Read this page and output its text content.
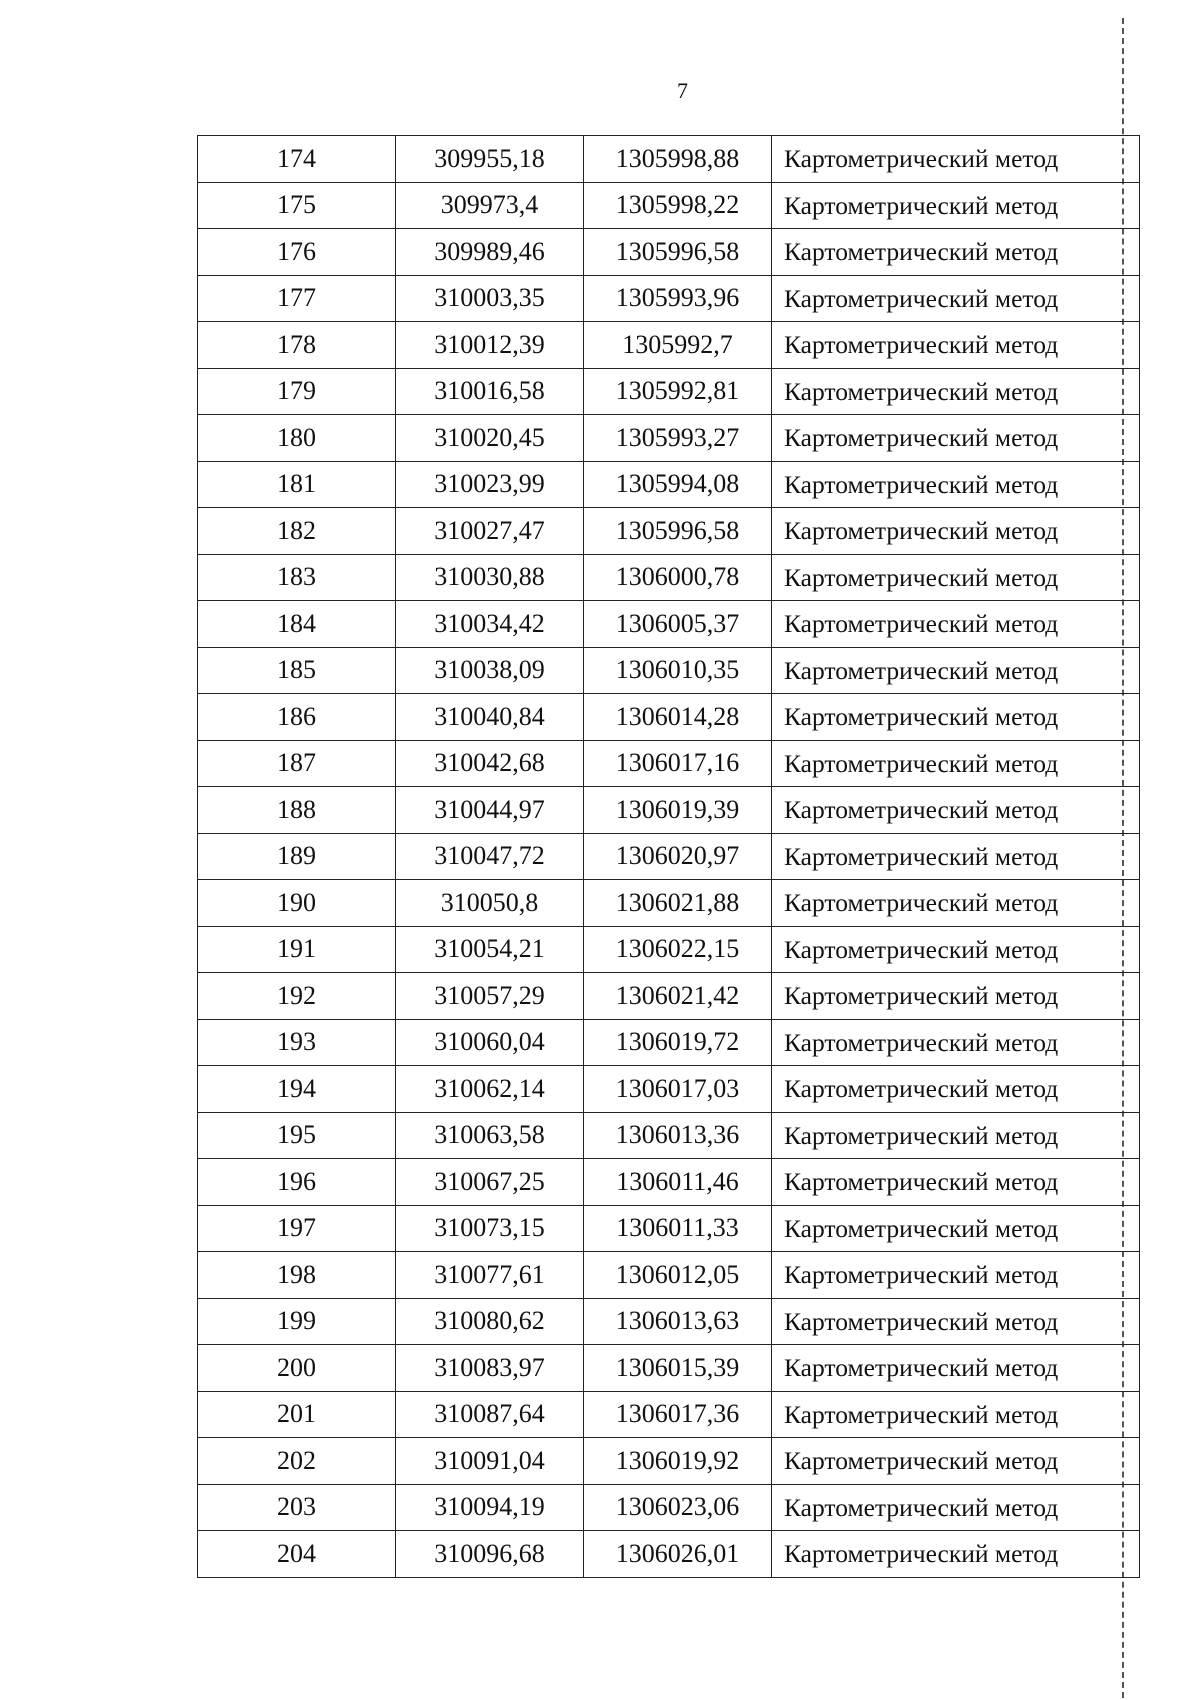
7
174	309955,18	1305998,88	Картометрический метод
175	309973,4	1305998,22	Картометрический метод
176	309989,46	1305996,58	Картометрический метод
177	310003,35	1305993,96	Картометрический метод
178	310012,39	1305992,7	Картометрический метод
179	310016,58	1305992,81	Картометрический метод
180	310020,45	1305993,27	Картометрический метод
181	310023,99	1305994,08	Картометрический метод
182	310027,47	1305996,58	Картометрический метод
183	310030,88	1306000,78	Картометрический метод
184	310034,42	1306005,37	Картометрический метод
185	310038,09	1306010,35	Картометрический метод
186	310040,84	1306014,28	Картометрический метод
187	310042,68	1306017,16	Картометрический метод
188	310044,97	1306019,39	Картометрический метод
189	310047,72	1306020,97	Картометрический метод
190	310050,8	1306021,88	Картометрический метод
191	310054,21	1306022,15	Картометрический метод
192	310057,29	1306021,42	Картометрический метод
193	310060,04	1306019,72	Картометрический метод
194	310062,14	1306017,03	Картометрический метод
195	310063,58	1306013,36	Картометрический метод
196	310067,25	1306011,46	Картометрический метод
197	310073,15	1306011,33	Картометрический метод
198	310077,61	1306012,05	Картометрический метод
199	310080,62	1306013,63	Картометрический метод
200	310083,97	1306015,39	Картометрический метод
201	310087,64	1306017,36	Картометрический метод
202	310091,04	1306019,92	Картометрический метод
203	310094,19	1306023,06	Картометрический метод
204	310096,68	1306026,01	Картометрический метод
